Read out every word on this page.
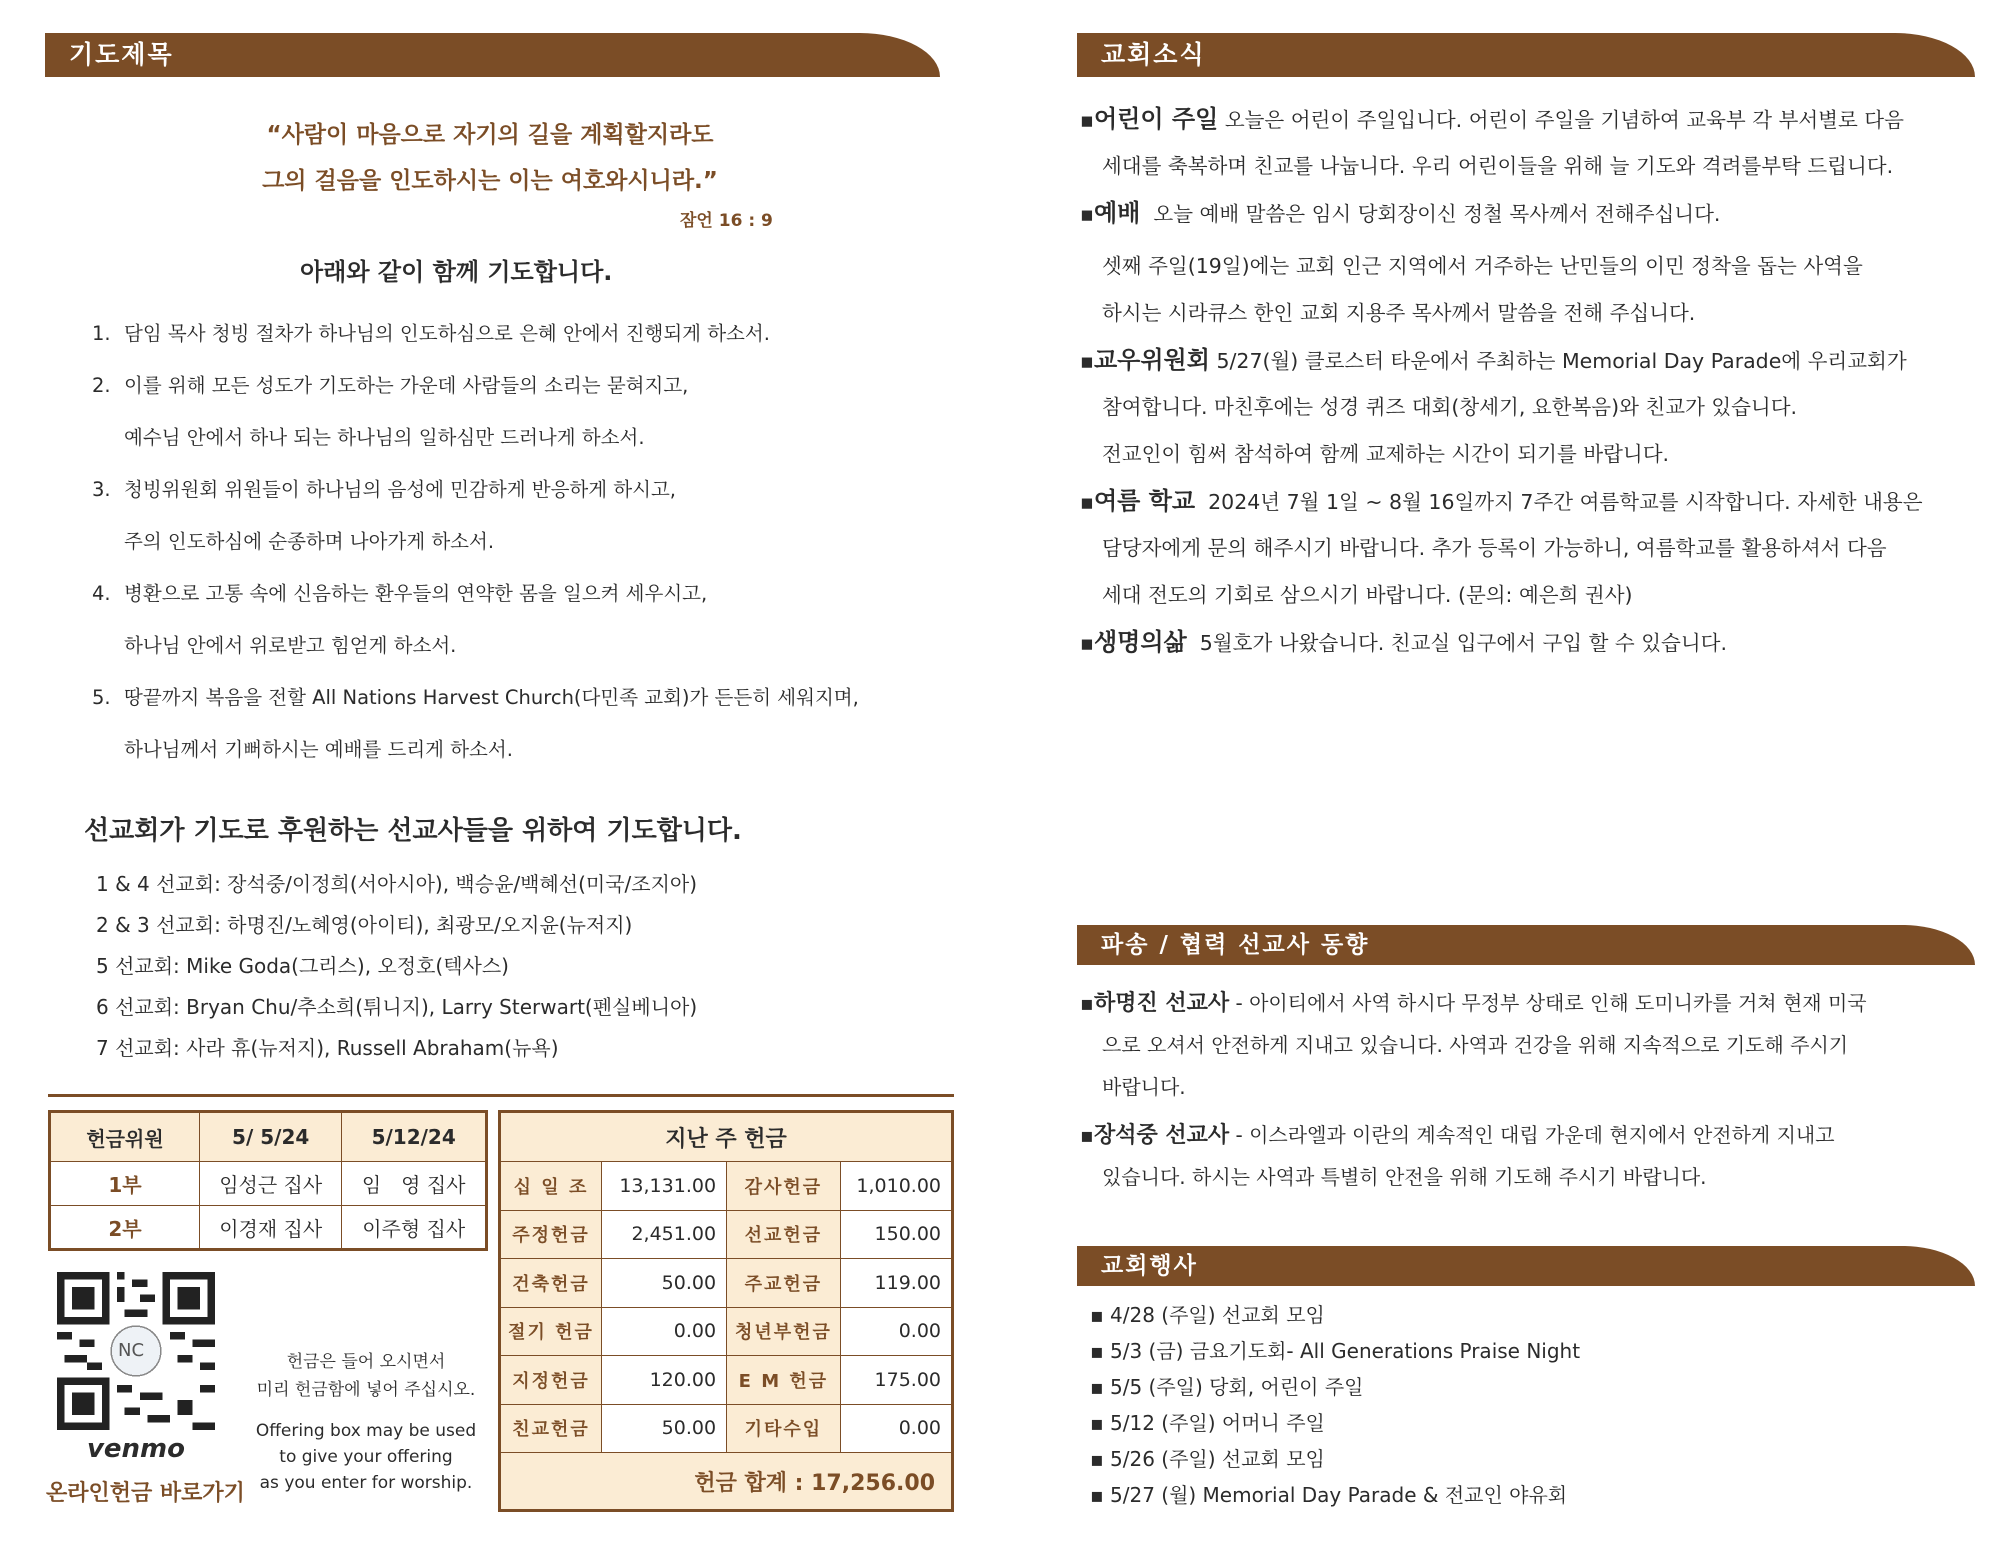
기도제목
“사람이 마음으로 자기의 길을 계획할지라도
그의 걸음을 인도하시는 이는 여호와시니라.”
잠언 16 : 9
아래와 같이 함께 기도합니다.
1. 담임 목사 청빙 절차가 하나님의 인도하심으로 은혜 안에서 진행되게 하소서.
2. 이를 위해 모든 성도가 기도하는 가운데 사람들의 소리는 묻혀지고,
예수님 안에서 하나 되는 하나님의 일하심만 드러나게 하소서.
3. 청빙위원회 위원들이 하나님의 음성에 민감하게 반응하게 하시고,
주의 인도하심에 순종하며 나아가게 하소서.
4. 병환으로 고통 속에 신음하는 환우들의 연약한 몸을 일으켜 세우시고,
하나님 안에서 위로받고 힘얻게 하소서.
5. 땅끝까지 복음을 전할 All Nations Harvest Church(다민족 교회)가 든든히 세워지며,
하나님께서 기뻐하시는 예배를 드리게 하소서.
선교회가 기도로 후원하는 선교사들을 위하여 기도합니다.
1 & 4 선교회: 장석중/이정희(서아시아), 백승윤/백혜선(미국/조지아)
2 & 3 선교회: 하명진/노혜영(아이티), 최광모/오지윤(뉴저지)
5 선교회: Mike Goda(그리스), 오정호(텍사스)
6 선교회: Bryan Chu/추소희(튀니지), Larry Sterwart(펜실베니아)
7 선교회: 사라 휴(뉴저지), Russell Abraham(뉴욕)
헌금위원	5/ 5/24	5/12/24
1부	임성근 집사	임　영 집사
2부	이경재 집사	이주형 집사
지난 주 헌금			
십 일 조	13,131.00	감사헌금	1,010.00
주정헌금	2,451.00	선교헌금	150.00
건축헌금	50.00	주교헌금	119.00
절기 헌금	0.00	청년부헌금	0.00
지정헌금	120.00	E M 헌금	175.00
친교헌금	50.00	기타수입	0.00
헌금 합계 : 17,256.00			
NC
venmo
온라인헌금 바로가기
헌금은 들어 오시면서
미리 헌금함에 넣어 주십시오.
Offering box may be used
to give your offering
as you enter for worship.
교회소식
▪어린이 주일 오늘은 어린이 주일입니다. 어린이 주일을 기념하여 교육부 각 부서별로 다음
세대를 축복하며 친교를 나눕니다. 우리 어린이들을 위해 늘 기도와 격려를부탁 드립니다.
▪예배 오늘 예배 말씀은 임시 당회장이신 정철 목사께서 전해주십니다.
셋째 주일(19일)에는 교회 인근 지역에서 거주하는 난민들의 이민 정착을 돕는 사역을
하시는 시라큐스 한인 교회 지용주 목사께서 말씀을 전해 주십니다.
▪교우위원회 5/27(월) 클로스터 타운에서 주최하는 Memorial Day Parade에 우리교회가
참여합니다. 마친후에는 성경 퀴즈 대회(창세기, 요한복음)와 친교가 있습니다.
전교인이 힘써 참석하여 함께 교제하는 시간이 되기를 바랍니다.
▪여름 학교 2024년 7월 1일 ~ 8월 16일까지 7주간 여름학교를 시작합니다. 자세한 내용은
담당자에게 문의 해주시기 바랍니다. 추가 등록이 가능하니, 여름학교를 활용하셔서 다음
세대 전도의 기회로 삼으시기 바랍니다. (문의: 예은희 권사)
▪생명의삶 5월호가 나왔습니다. 친교실 입구에서 구입 할 수 있습니다.
파송 / 협력 선교사 동향
▪하명진 선교사 - 아이티에서 사역 하시다 무정부 상태로 인해 도미니카를 거쳐 현재 미국
으로 오셔서 안전하게 지내고 있습니다. 사역과 건강을 위해 지속적으로 기도해 주시기
바랍니다.
▪장석중 선교사 - 이스라엘과 이란의 계속적인 대립 가운데 현지에서 안전하게 지내고
있습니다. 하시는 사역과 특별히 안전을 위해 기도해 주시기 바랍니다.
교회행사
▪ 4/28 (주일) 선교회 모임
▪ 5/3 (금) 금요기도회- All Generations Praise Night
▪ 5/5 (주일) 당회, 어린이 주일
▪ 5/12 (주일) 어머니 주일
▪ 5/26 (주일) 선교회 모임
▪ 5/27 (월) Memorial Day Parade & 전교인 야유회
